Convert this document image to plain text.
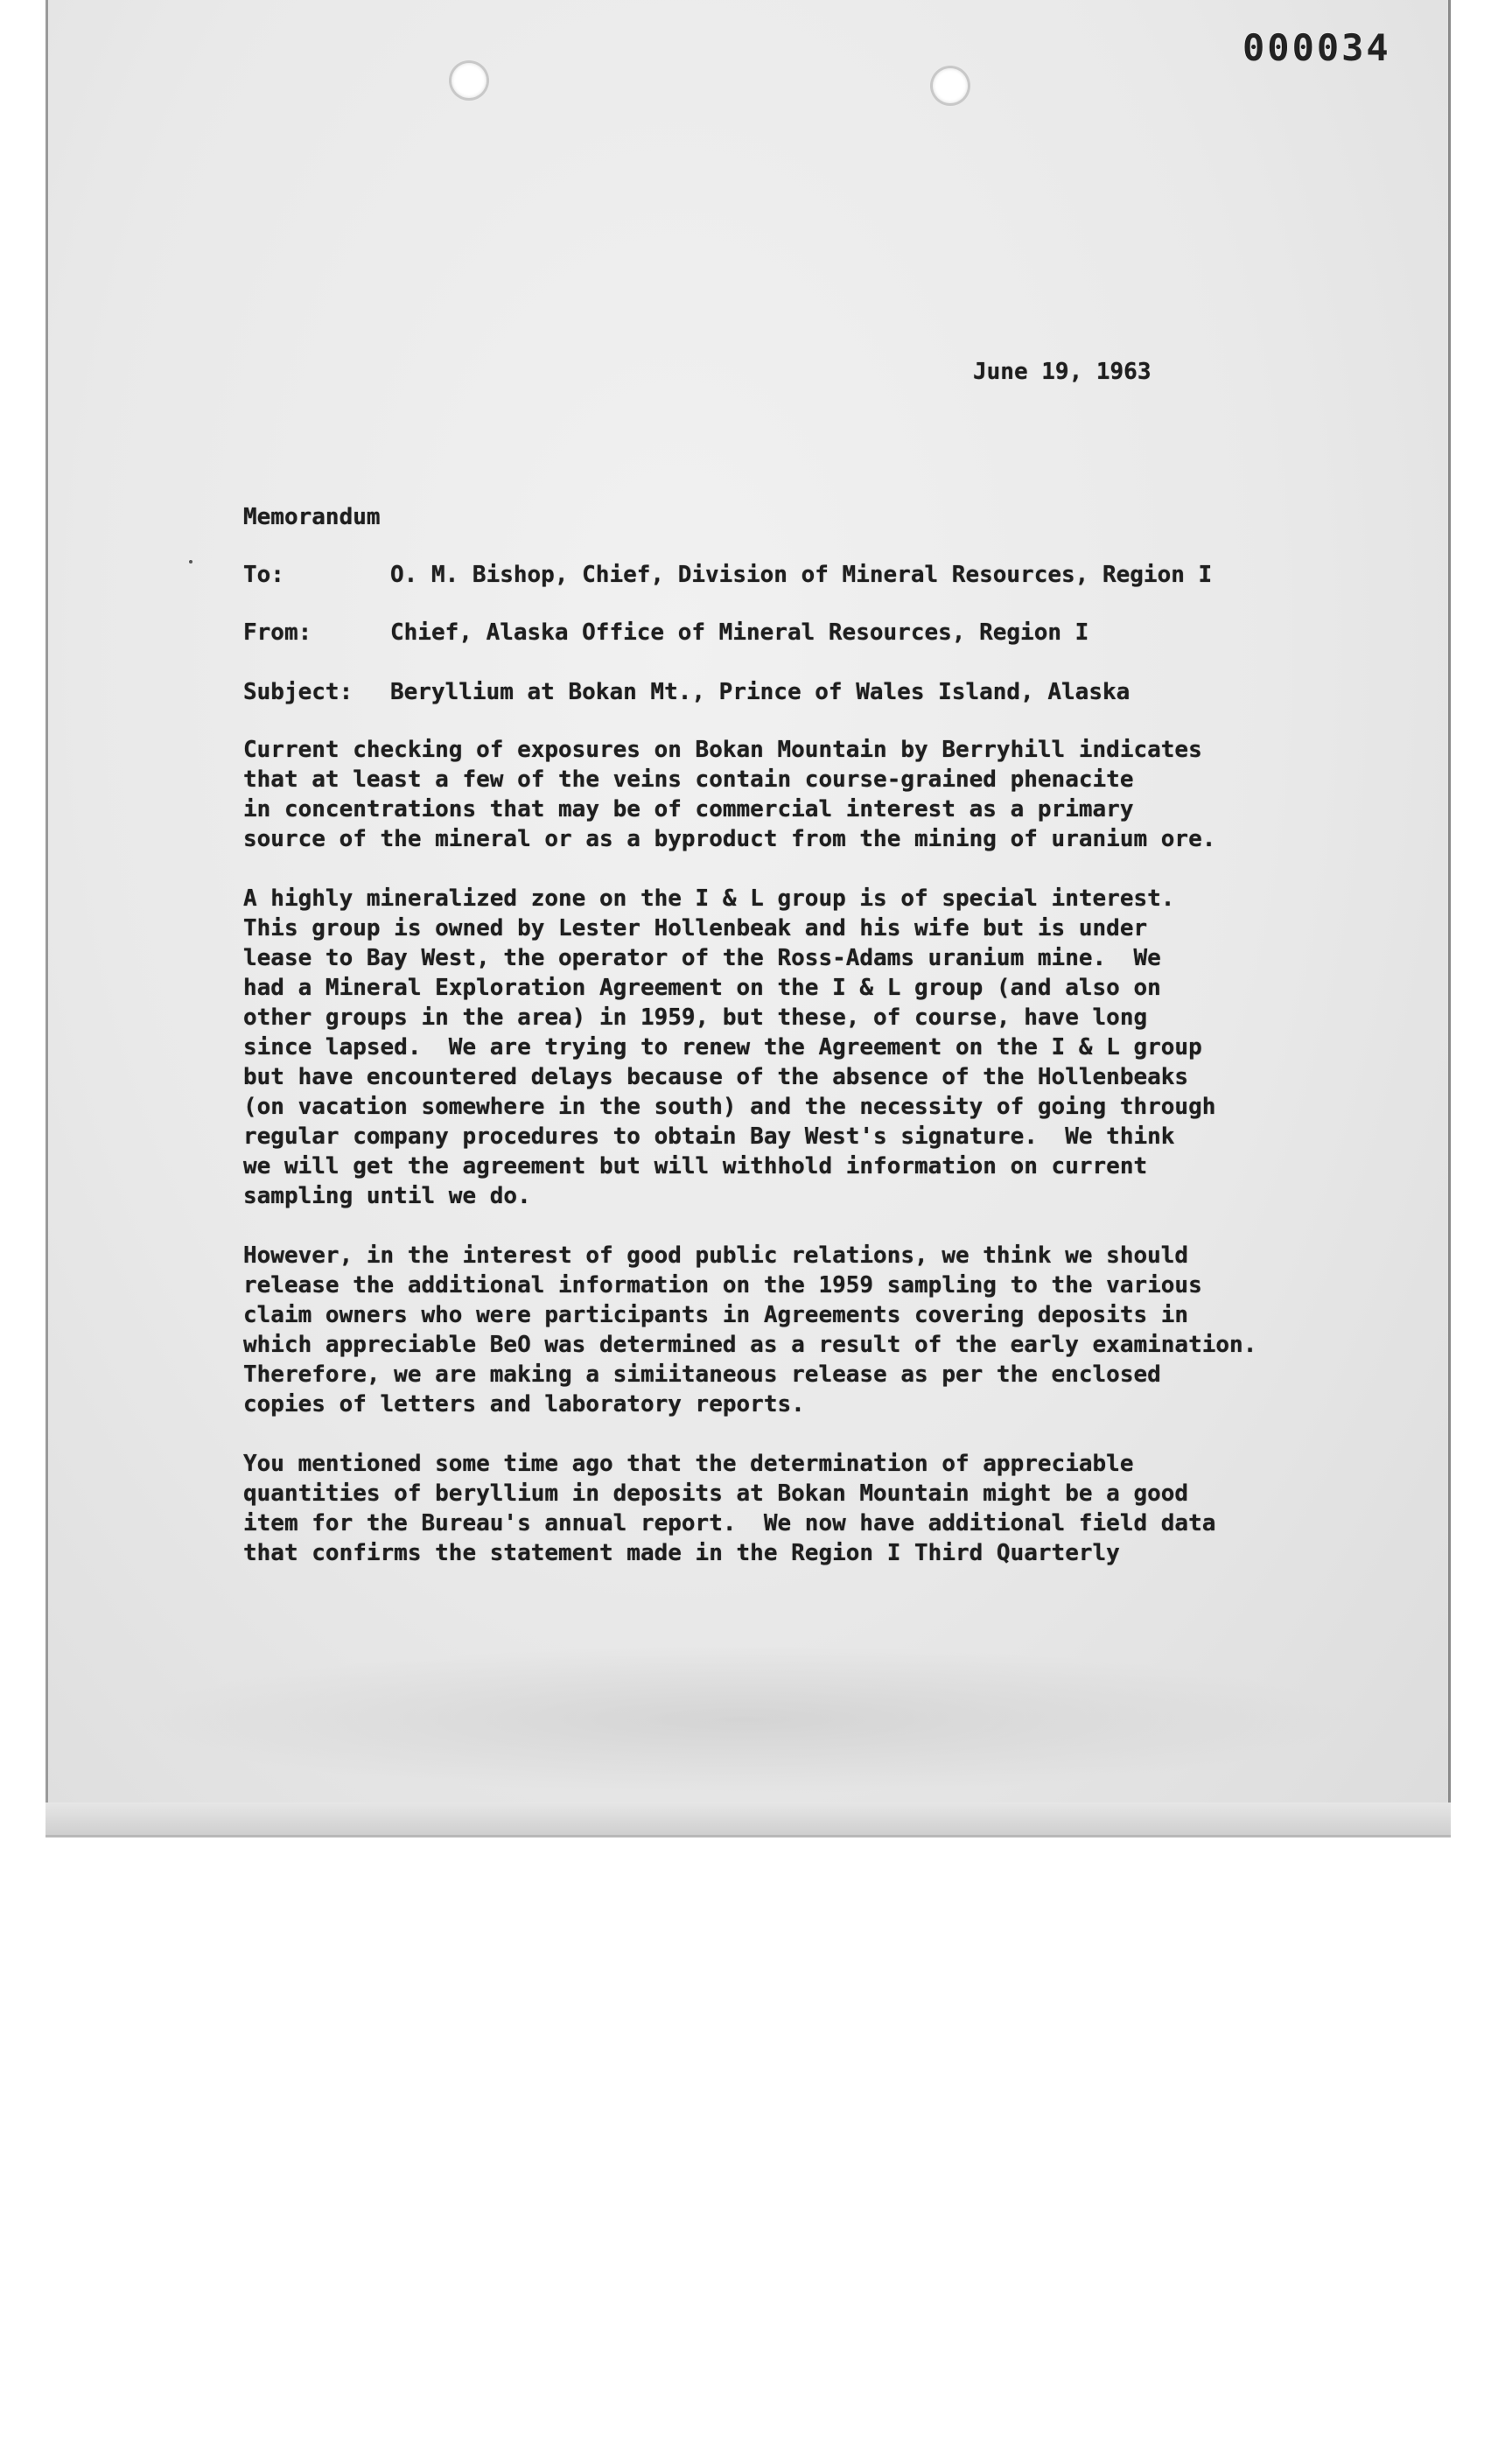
000034
June 19, 1963
Memorandum
To:	O. M. Bishop, Chief, Division of Mineral Resources, Region I
From:	Chief, Alaska Office of Mineral Resources, Region I
Subject: Beryllium at Bokan Mt., Prince of Wales Island, Alaska

Current checking of exposures on Bokan Mountain by Berryhill indicates
that at least a few of the veins contain course-grained phenacite
in concentrations that may be of commercial interest as a primary
source of the mineral or as a byproduct from the mining of uranium ore.

A highly mineralized zone on the I & L group is of special interest.
This group is owned by Lester Hollenbeak and his wife but is under
lease to Bay West, the operator of the Ross-Adams uranium mine.  We
had a Mineral Exploration Agreement on the I & L group (and also on
other groups in the area) in 1959, but these, of course, have long
since lapsed.  We are trying to renew the Agreement on the I & L group
but have encountered delays because of the absence of the Hollenbeaks
(on vacation somewhere in the south) and the necessity of going through
regular company procedures to obtain Bay West's signature.  We think
we will get the agreement but will withhold information on current
sampling until we do.

However, in the interest of good public relations, we think we should
release the additional information on the 1959 sampling to the various
claim owners who were participants in Agreements covering deposits in
which appreciable BeO was determined as a result of the early examination.
Therefore, we are making a simiitaneous release as per the enclosed
copies of letters and laboratory reports.

You mentioned some time ago that the determination of appreciable
quantities of beryllium in deposits at Bokan Mountain might be a good
item for the Bureau's annual report.  We now have additional field data
that confirms the statement made in the Region I Third Quarterly
